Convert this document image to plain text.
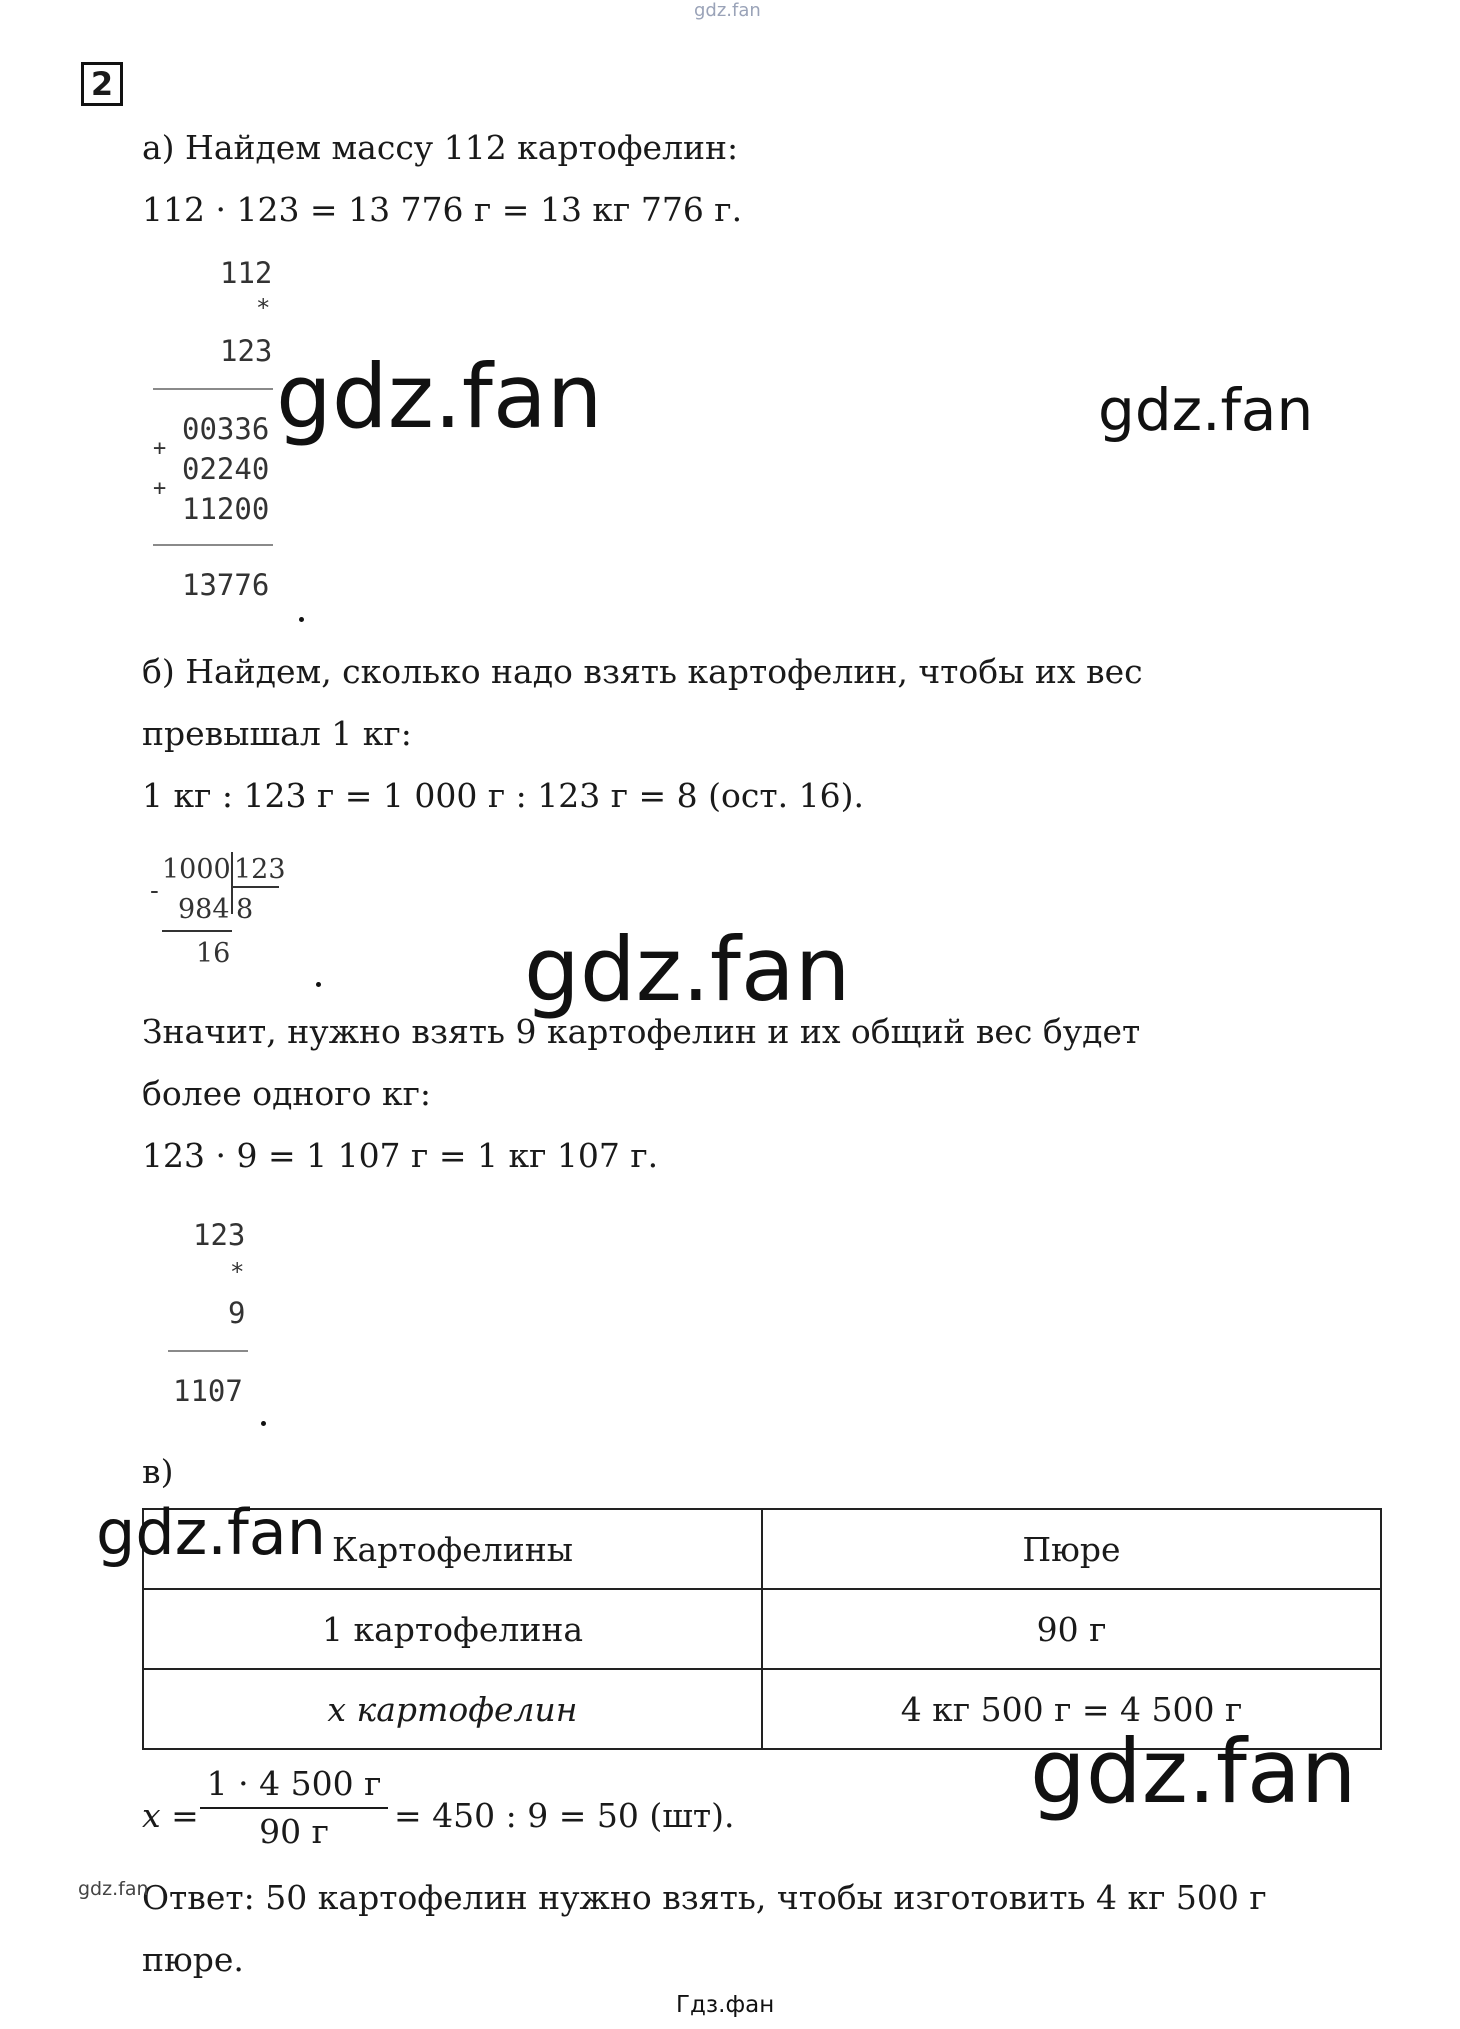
gdz.fan
2
а) Найдем массу 112 картофелин:
112 · 123 = 13 776 г = 13 кг 776 г.
112
*
123
00336
+
02240
+
11200
13776
б) Найдем, сколько надо взять картофелин, чтобы их вес
превышал 1 кг:
1 кг : 123 г = 1 000 г : 123 г = 8 (ост. 16).
1000 123
-
984 8
16
Значит, нужно взять 9 картофелин и их общий вес будет
более одного кг:
123 · 9 = 1 107 г = 1 кг 107 г.
123
*
9
1107
в)
Картофелины	Пюре
1 картофелина	90 г
x картофелин	4 кг 500 г = 4 500 г
x =
1 · 4 500 г
90 г	= 450 : 9 = 50 (шт).
Ответ: 50 картофелин нужно взять, чтобы изготовить 4 кг 500 г
пюре.
gdz.fan	gdz.fan
gdz.fan
gdz.fan
gdz.fan
gdz.fan
Гдз.фан
